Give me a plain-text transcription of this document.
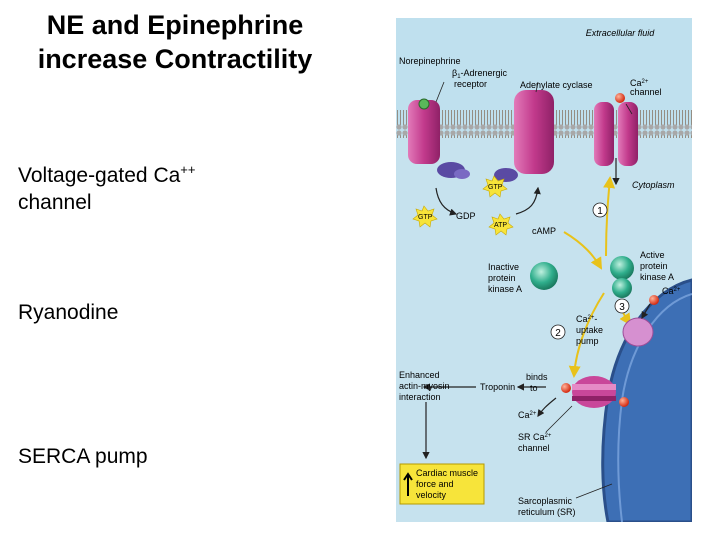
NE and Epinephrine
increase Contractility
Voltage-gated Ca++
channel
Ryanodine
SERCA pump
1
2
3
Extracellular fluid
Cytoplasm
Norepinephrine
$\beta_1$-Adrenergic
receptor	Adenylate cyclase	$Ca^{2+}$
channel
GTP
GTP	GDP
ATP
cAMP
Inactive
protein
kinase A
Active
protein
kinase A
$Ca^{2+}$
$Ca^{2+}-$
uptake
pump
Enhanced
actin-myosin
interaction
Troponin
binds
to
$Ca^{2+}$
SR $Ca^{2+}$
channel
Cardiac muscle
force and
velocity
Sarcoplasmic
reticulum (SR)
